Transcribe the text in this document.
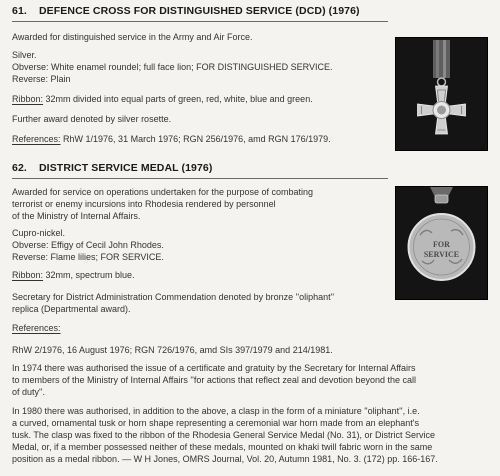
61. DEFENCE CROSS FOR DISTINGUISHED SERVICE (DCD) (1976)
Awarded for distinguished service in the Army and Air Force.
Silver.
Obverse: White enamel roundel; full face lion; FOR DISTINGUISHED SERVICE.
Reverse: Plain
Ribbon: 32mm divided into equal parts of green, red, white, blue and green.
Further award denoted by silver rosette.
References: RhW 1/1976, 31 March 1976; RGN 256/1976, amd RGN 176/1979.
62. DISTRICT SERVICE MEDAL (1976)
Awarded for service on operations undertaken for the purpose of combating
terrorist or enemy incursions into Rhodesia rendered by personnel
of the Ministry of Internal Affairs.
Cupro-nickel.
Obverse: Effigy of Cecil John Rhodes.
Reverse: Flame lilies; FOR SERVICE.
Ribbon: 32mm, spectrum blue.
Secretary for District Administration Commendation denoted by bronze ''oliphant''
replica (Departmental award).
References:
RhW 2/1976, 16 August 1976; RGN 726/1976, amd SIs 397/1979 and 214/1981.
In 1974 there was authorised the issue of a certificate and gratuity by the Secretary for Internal Affairs
to members of the Ministry of Internal Affairs ''for actions that reflect zeal and devotion beyond the call
of duty''.
In 1980 there was authorised, in addition to the above, a clasp in the form of a miniature ''oliphant'', i.e.
a curved, ornamental tusk or horn shape representing a ceremonial war horn made from an elephant's
tusk. The clasp was fixed to the ribbon of the Rhodesia General Service Medal (No. 31), or District Service
Medal, or, if a member possessed neither of these medals, mounted on khaki twill fabric worn in the same
position as a medal ribbon. — W H Jones, OMRS Journal, Vol. 20, Autumn 1981, No. 3. (172) pp. 166-167.
FOR
SERVICE
